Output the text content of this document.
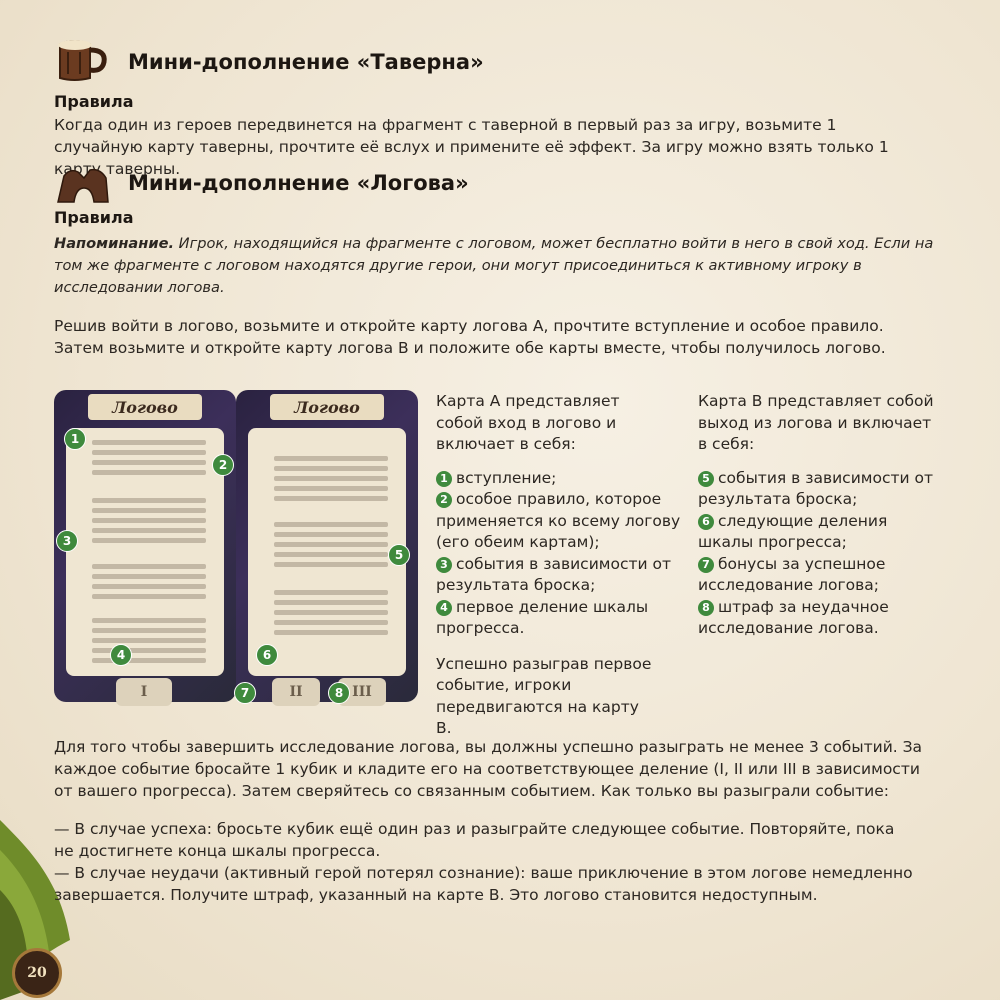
20
Мини-дополнение «Таверна»
Правила
Когда один из героев передвинется на фрагмент с таверной в первый раз за игру, возьмите 1 случайную карту таверны, прочтите её вслух и примените её эффект. За игру можно взять только 1 карту таверны.
Мини-дополнение «Логова»
Правила
Напоминание. Игрок, находящийся на фрагменте с логовом, может бесплатно войти в него в свой ход. Если на том же фрагменте с логовом находятся другие герои, они могут присоединиться к активному игроку в исследовании логова.
Решив войти в логово, возьмите и откройте карту логова A, прочтите вступление и особое правило. Затем возьмите и откройте карту логова B и положите обе карты вместе, чтобы получилось логово.
Логово
I
1
3
4
Логово
II	III
2
5
6
7	8
Карта А представляет собой вход в логово и включает в себя:
1 вступление;
2 особое правило, которое применяется ко всему логову (его обеим картам);
3 события в зависимости от результата броска;
4 первое деление шкалы прогресса.
Успешно разыграв первое событие, игроки передвигаются на карту B.
Карта B представляет собой выход из логова и включает в себя:
5 события в зависимости от результата броска;
6 следующие деления шкалы прогресса;
7 бонусы за успешное исследование логова;
8 штраф за неудачное исследование логова.
Для того чтобы завершить исследование логова, вы должны успешно разыграть не менее 3 событий. За каждое событие бросайте 1 кубик и кладите его на соответствующее деление (I, II или III в зависимости от вашего прогресса). Затем сверяйтесь со связанным событием. Как только вы разыграли событие:
— В случае успеха: бросьте кубик ещё один раз и разыграйте следующее событие. Повторяйте, пока не достигнете конца шкалы прогресса.
— В случае неудачи (активный герой потерял сознание): ваше приключение в этом логове немедленно завершается. Получите штраф, указанный на карте B. Это логово становится недоступным.
